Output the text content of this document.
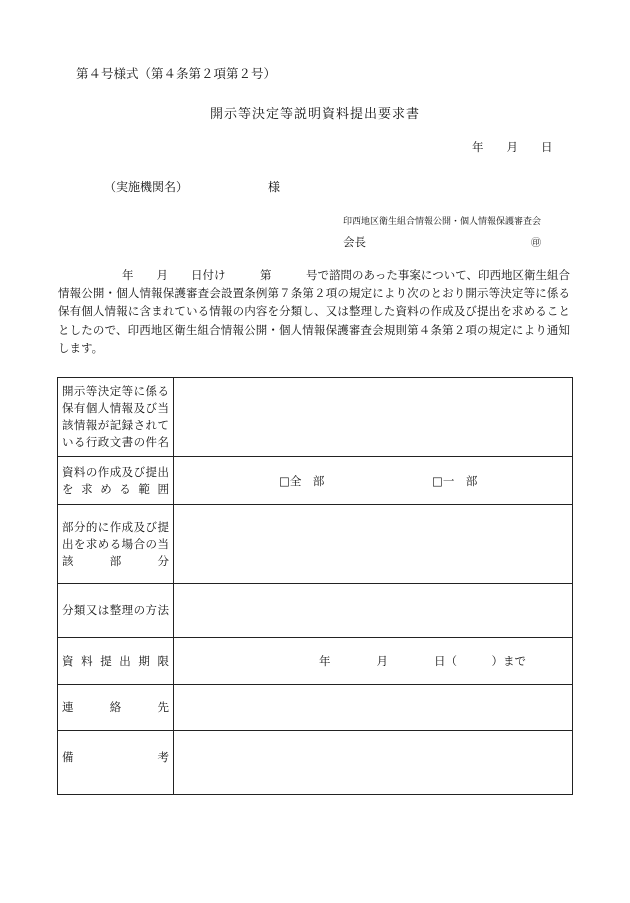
第４号様式（第４条第２項第２号）
開示等決定等説明資料提出要求書
年　　月　　日
（実施機関名）	様
印西地区衛生組合情報公開・個人情報保護審査会
会長	㊞
年　　月　　日付け　　　第　　　号で諮問のあった事案について、印西地区衛生組合情報公開・個人情報保護審査会設置条例第７条第２項の規定により次のとおり開示等決定等に係る保有個人情報に含まれている情報の内容を分類し、又は整理した資料の作成及び提出を求めることとしたので、印西地区衛生組合情報公開・個人情報保護審査会規則第４条第２項の規定により通知します。
開示等決定等に係る保有個人情報及び当該情報が記録されている行政文書の件名	
資料の作成及び提出を求める範囲	□全　部 □一　部

部分的に作成及び提出を求める場合の当該部分	
分類又は整理の方法	
資料提出期限	年　　　　月　　　　日（　　　）まで

連絡先	
備考	
